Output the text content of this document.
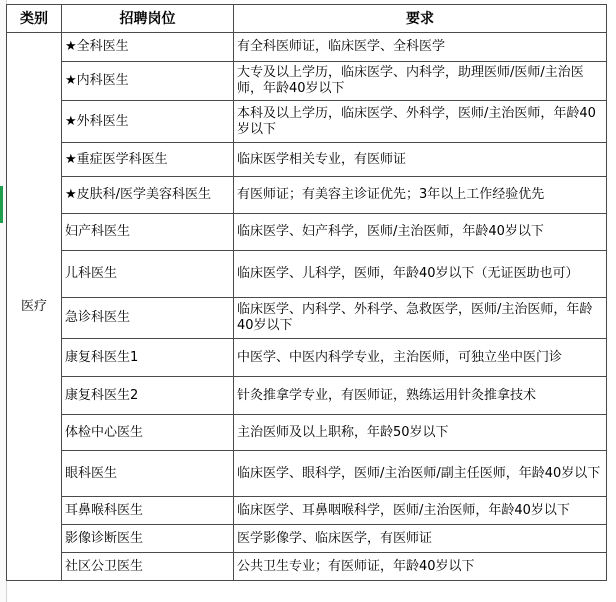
类别	招聘岗位	要求
医疗	★全科医生	有全科医师证，临床医学、全科医学
	★内科医生	大专及以上学历，临床医学、内科学，助理医师/医师/主治医师，年龄40岁以下
	★外科医生	本科及以上学历，临床医学、外科学，医师/主治医师，年龄40岁以下
	★重症医学科医生	临床医学相关专业，有医师证
	★皮肤科/医学美容科医生	有医师证；有美容主诊证优先；3年以上工作经验优先
	妇产科医生	临床医学、妇产科学，医师/主治医师，年龄40岁以下
	儿科医生	临床医学、儿科学，医师，年龄40岁以下（无证医助也可）
	急诊科医生	临床医学、内科学、外科学、急救医学，医师/主治医师，年龄40岁以下
	康复科医生1	中医学、中医内科学专业，主治医师，可独立坐中医门诊
	康复科医生2	针灸推拿学专业，有医师证，熟练运用针灸推拿技术
	体检中心医生	主治医师及以上职称，年龄50岁以下
	眼科医生	临床医学、眼科学，医师/主治医师/副主任医师，年龄40岁以下
	耳鼻喉科医生	临床医学、耳鼻咽喉科学，医师/主治医师，年龄40岁以下
	影像诊断医生	医学影像学、临床医学，有医师证
	社区公卫医生	公共卫生专业；有医师证，年龄40岁以下
